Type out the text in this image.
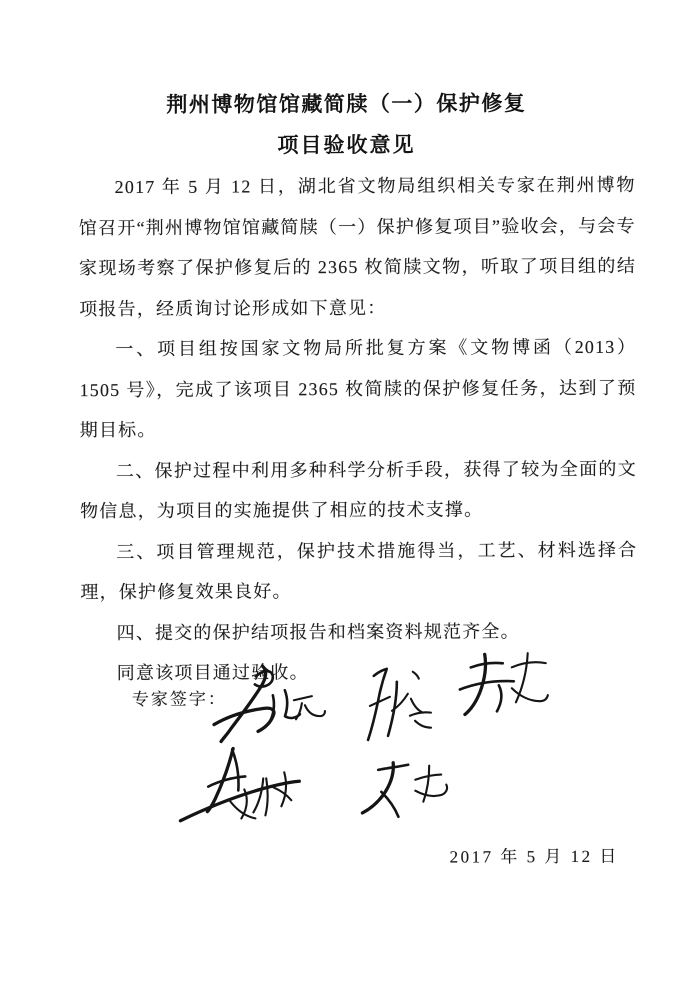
荆州博物馆馆藏简牍（一）保护修复
项目验收意见

2017 年 5 月 12 日，湖北省文物局组织相关专家在荆州博物馆召开“荆州博物馆馆藏简牍（一）保护修复项目”验收会，与会专家现场考察了保护修复后的 2365 枚简牍文物，听取了项目组的结项报告，经质询讨论形成如下意见：

一、项目组按国家文物局所批复方案《文物博函（2013）1505 号》，完成了该项目 2365 枚简牍的保护修复任务，达到了预期目标。

二、保护过程中利用多种科学分析手段，获得了较为全面的文物信息，为项目的实施提供了相应的技术支撑。

三、项目管理规范，保护技术措施得当，工艺、材料选择合理，保护修复效果良好。

四、提交的保护结项报告和档案资料规范齐全。

同意该项目通过验收。

专家签字：
2017 年 5 月 12 日
